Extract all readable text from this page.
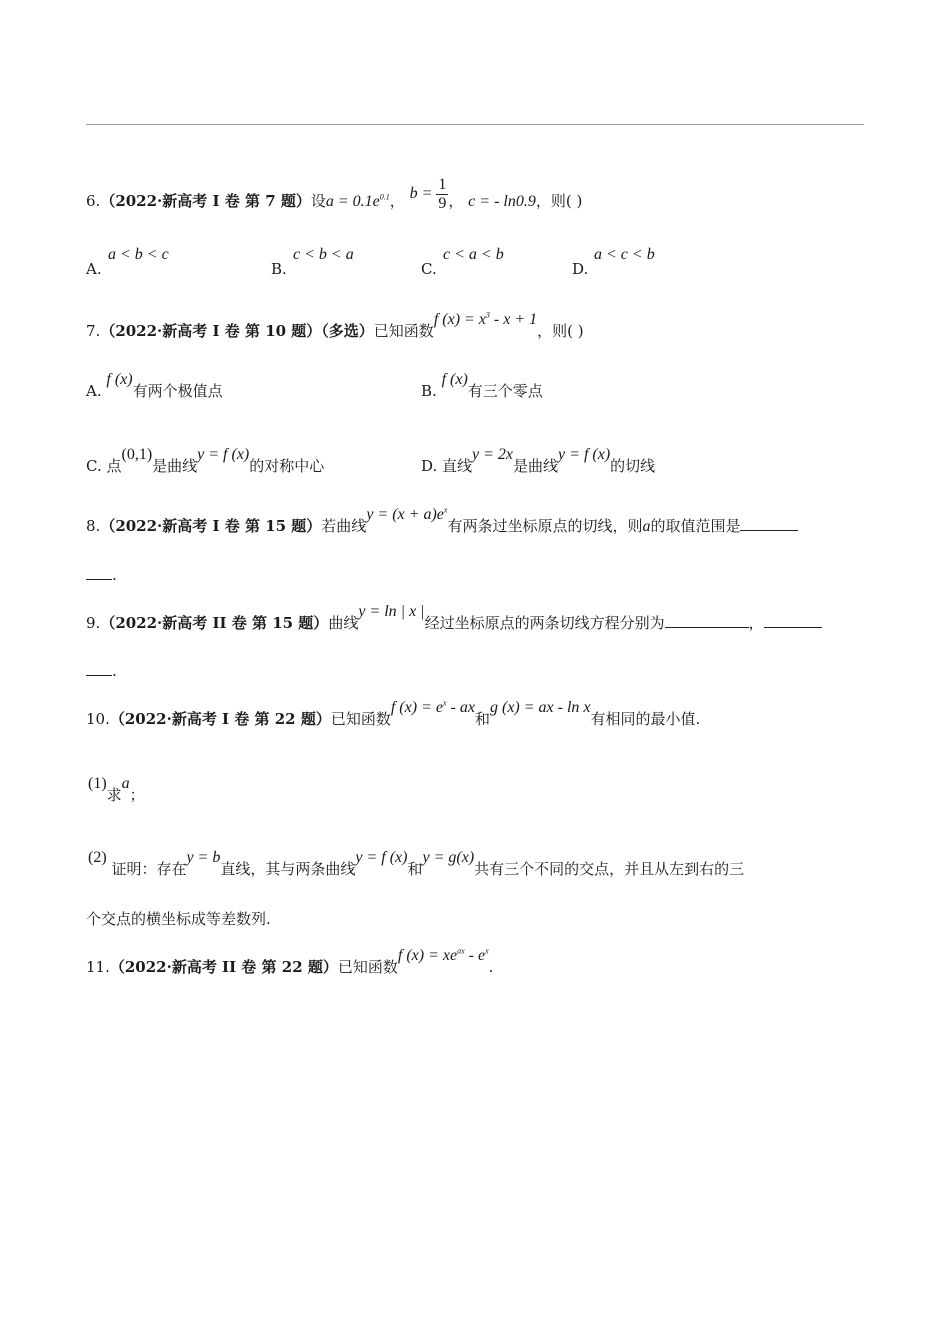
6.（2022·新高考 I 卷 第 7 题）设$a = 0.1e^{0.1}$， $b = \frac{1}{9}$ ， c = - ln0.9，则( )
a < b < c
A.
c < b < a
B.
c < a < b
C.
a < c < b
D.
7.（2022·新高考 I 卷 第 10 题）（多选）已知函数f $(x) = x^3 - x + 1$，则( )
A. f (x)有两个极值点	B. f (x)有三个零点
C. 点(0,1)是曲线y = f (x)的对称中心	D. 直线y = 2x是曲线y = f (x)的切线
8.（2022·新高考 I 卷 第 15 题）若曲线$y = (x + a)e^x$有两条过坐标原点的切线，则a的取值范围是
.
9.（2022·新高考 II 卷 第 15 题）曲线y = ln | x |经过坐标原点的两条切线方程分别为	，
.
10.（2022·新高考 I 卷 第 22 题）已知函数f $(x) = e^x$ - ax和g (x) = ax - ln x有相同的最小值.
(1)求a；
(2) 证明：存在y = b直线，其与两条曲线y = f (x)和y = g(x)共有三个不同的交点，并且从左到右的三
个交点的横坐标成等差数列.
11.（2022·新高考 II 卷 第 22 题）已知函数f $(x) = xe^{ax} - e^x$.
